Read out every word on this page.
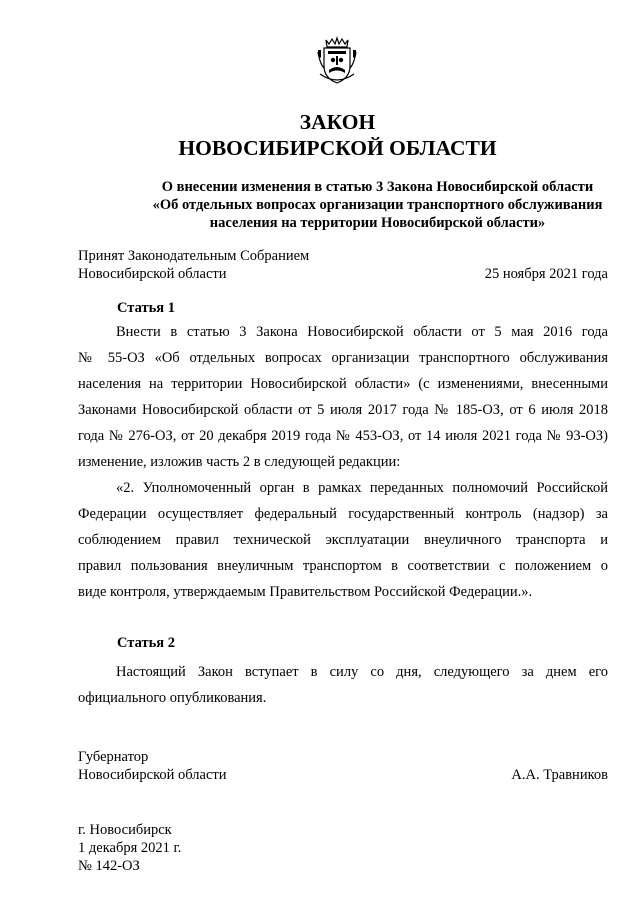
ЗАКОН
НОВОСИБИРСКОЙ ОБЛАСТИ
О внесении изменения в статью 3 Закона Новосибирской области
«Об отдельных вопросах организации транспортного обслуживания
населения на территории Новосибирской области»
Принят Законодательным Собранием
Новосибирской области	25 ноября 2021 года
Статья 1
Внести в статью 3 Закона Новосибирской области от 5 мая 2016 года
№ 55-ОЗ «Об отдельных вопросах организации транспортного обслуживания
населения на территории Новосибирской области» (с изменениями, внесенными
Законами Новосибирской области от 5 июля 2017 года № 185-ОЗ, от 6 июля 2018
года № 276-ОЗ, от 20 декабря 2019 года № 453-ОЗ, от 14 июля 2021 года № 93-ОЗ)
изменение, изложив часть 2 в следующей редакции:
«2. Уполномоченный орган в рамках переданных полномочий Российской
Федерации осуществляет федеральный государственный контроль (надзор) за
соблюдением правил технической эксплуатации внеуличного транспорта и
правил пользования внеуличным транспортом в соответствии с положением о
виде контроля, утверждаемым Правительством Российской Федерации.».
Статья 2
Настоящий Закон вступает в силу со дня, следующего за днем его
официального опубликования.
Губернатор
Новосибирской области	А.А. Травников
г. Новосибирск
1 декабря 2021 г.
№ 142-ОЗ
